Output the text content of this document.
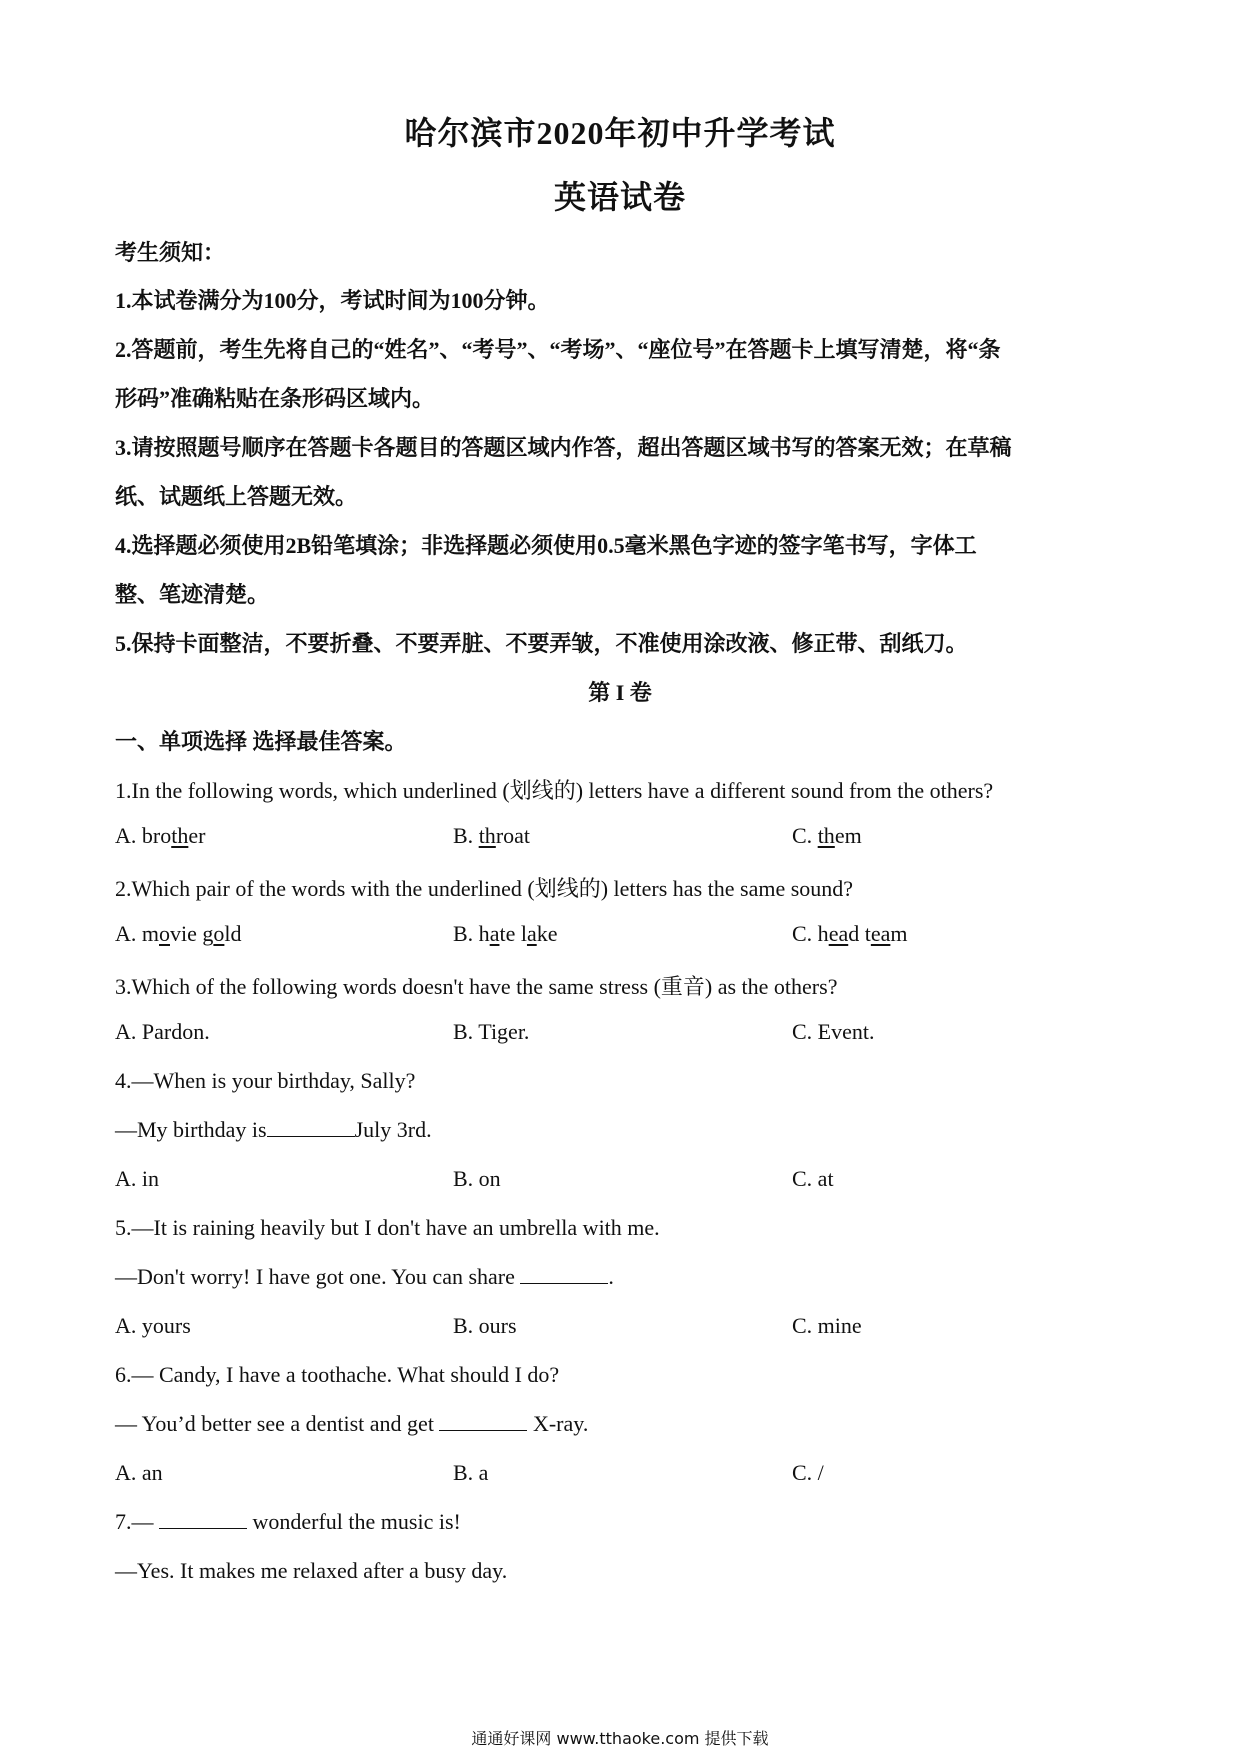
哈尔滨市2020年初中升学考试
英语试卷
考生须知：
1.本试卷满分为100分，考试时间为100分钟。
2.答题前，考生先将自己的“姓名”、“考号”、“考场”、“座位号”在答题卡上填写清楚，将“条
形码”准确粘贴在条形码区域内。
3.请按照题号顺序在答题卡各题目的答题区域内作答，超出答题区域书写的答案无效；在草稿
纸、试题纸上答题无效。
4.选择题必须使用2B铅笔填涂；非选择题必须使用0.5毫米黑色字迹的签字笔书写，字体工
整、笔迹清楚。
5.保持卡面整洁，不要折叠、不要弄脏、不要弄皱，不准使用涂改液、修正带、刮纸刀。
第 I 卷
一、单项选择 选择最佳答案。
1.In the following words, which underlined (划线的) letters have a different sound from the others?
A. brother	B. throat	C. them
2.Which pair of the words with the underlined (划线的) letters has the same sound?
A. movie gold	B. hate lake	C. head team
3.Which of the following words doesn't have the same stress (重音) as the others?
A. Pardon.	B. Tiger.	C. Event.
4.—When is your birthday, Sally?
—My birthday is	July 3rd.
A. in	B. on	C. at
5.—It is raining heavily but I don't have an umbrella with me.
—Don't worry! I have got one. You can share	.
A. yours	B. ours	C. mine
6.— Candy, I have a toothache. What should I do?
— You’d better see a dentist and get	X-ray.
A. an	B. a	C. /
7.—	wonderful the music is!
—Yes. It makes me relaxed after a busy day.
通通好课网 www.tthaoke.com 提供下载
